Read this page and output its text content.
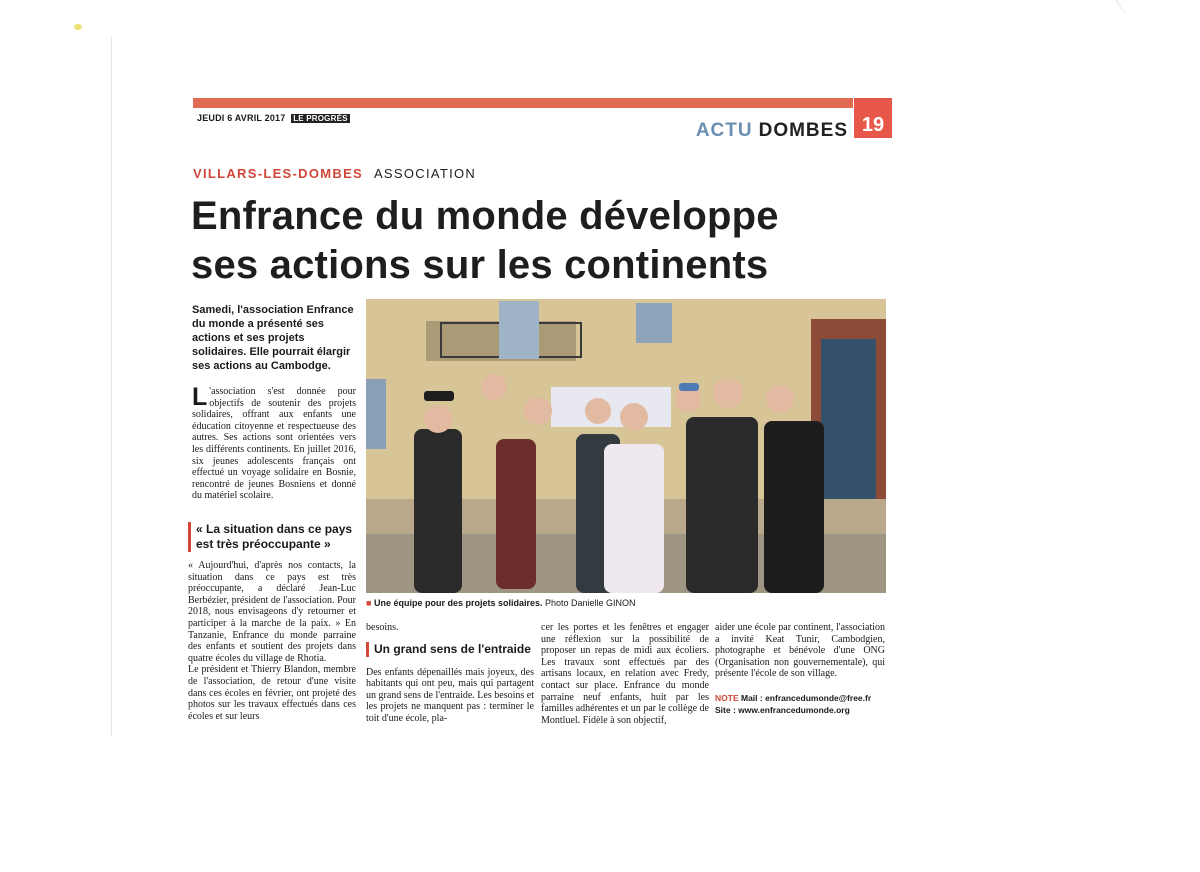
JEUDI 6 AVRIL 2017 LE PROGRÈS
ACTU DOMBES 19
VILLARS-LES-DOMBES ASSOCIATION
Enfrance du monde développe
ses actions sur les continents
Samedi, l'association Enfrance du monde a présenté ses actions et ses projets solidaires. Elle pourrait élargir ses actions au Cambodge.
L 'association s'est donnée pour objectifs de soutenir des projets solidaires, offrant aux enfants une éducation citoyenne et respectueuse des autres. Ses actions sont orientées vers les différents continents. En juillet 2016, six jeunes adolescents français ont effectué un voyage solidaire en Bosnie, rencontré de jeunes Bosniens et donné du matériel scolaire.
« La situation dans ce pays est très préoccupante »
« Aujourd'hui, d'après nos contacts, la situation dans ce pays est très préoccupante, a déclaré Jean-Luc Berbézier, président de l'association. Pour 2018, nous envisageons d'y retourner et participer à la marche de la paix. » En Tanzanie, Enfrance du monde parraine des enfants et soutient des projets dans quatre écoles du village de Rhotia.
Le président et Thierry Blandon, membre de l'association, de retour d'une visite dans ces écoles en février, ont projeté des photos sur les travaux effectués dans ces écoles et sur leurs
■ Une équipe pour des projets solidaires. Photo Danielle GINON
besoins.
Un grand sens de l'entraide
Des enfants dépenaillés mais joyeux, des habitants qui ont peu, mais qui partagent un grand sens de l'entraide. Les besoins et les projets ne manquent pas : terminer le toit d'une école, pla-
cer les portes et les fenêtres et engager une réflexion sur la possibilité de proposer un repas de midi aux écoliers. Les travaux sont effectués par des artisans locaux, en relation avec Fredy, contact sur place. Enfrance du monde parraine neuf enfants, huit par les familles adhérentes et un par le collège de Montluel. Fidèle à son objectif,
aider une école par continent, l'association a invité Keat Tunir, Cambodgien, photographe et bénévole d'une ONG (Organisation non gouvernementale), qui présente l'école de son village.
NOTE Mail : enfrancedumonde@free.fr
Site : www.enfrancedumonde.org
